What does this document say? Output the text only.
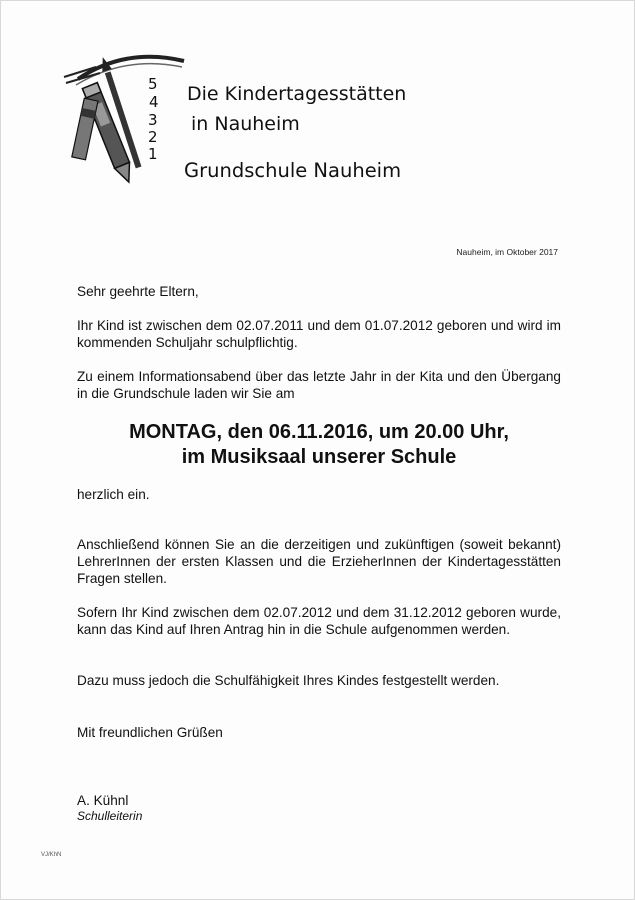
5
4
3
2
1
Die Kindertagesstätten
in Nauheim
Grundschule Nauheim
Nauheim, im Oktober 2017
Sehr geehrte Eltern,
Ihr Kind ist zwischen dem 02.07.2011 und dem 01.07.2012 geboren und wird im kommenden Schuljahr schulpflichtig.
Zu einem Informationsabend über das letzte Jahr in der Kita und den Übergang in die Grundschule laden wir Sie am
MONTAG, den 06.11.2016, um 20.00 Uhr,
im Musiksaal unserer Schule
herzlich ein.
Anschließend können Sie an die derzeitigen und zukünftigen (soweit bekannt) LehrerInnen der ersten Klassen und die ErzieherInnen der Kindertagesstätten Fragen stellen.
Sofern Ihr Kind zwischen dem 02.07.2012 und dem 31.12.2012 geboren wurde, kann das Kind auf Ihren Antrag hin in die Schule aufgenommen werden.
Dazu muss jedoch die Schulfähigkeit Ihres Kindes festgestellt werden.
Mit freundlichen Grüßen
A. Kühnl
Schulleiterin
VJ/KhN
